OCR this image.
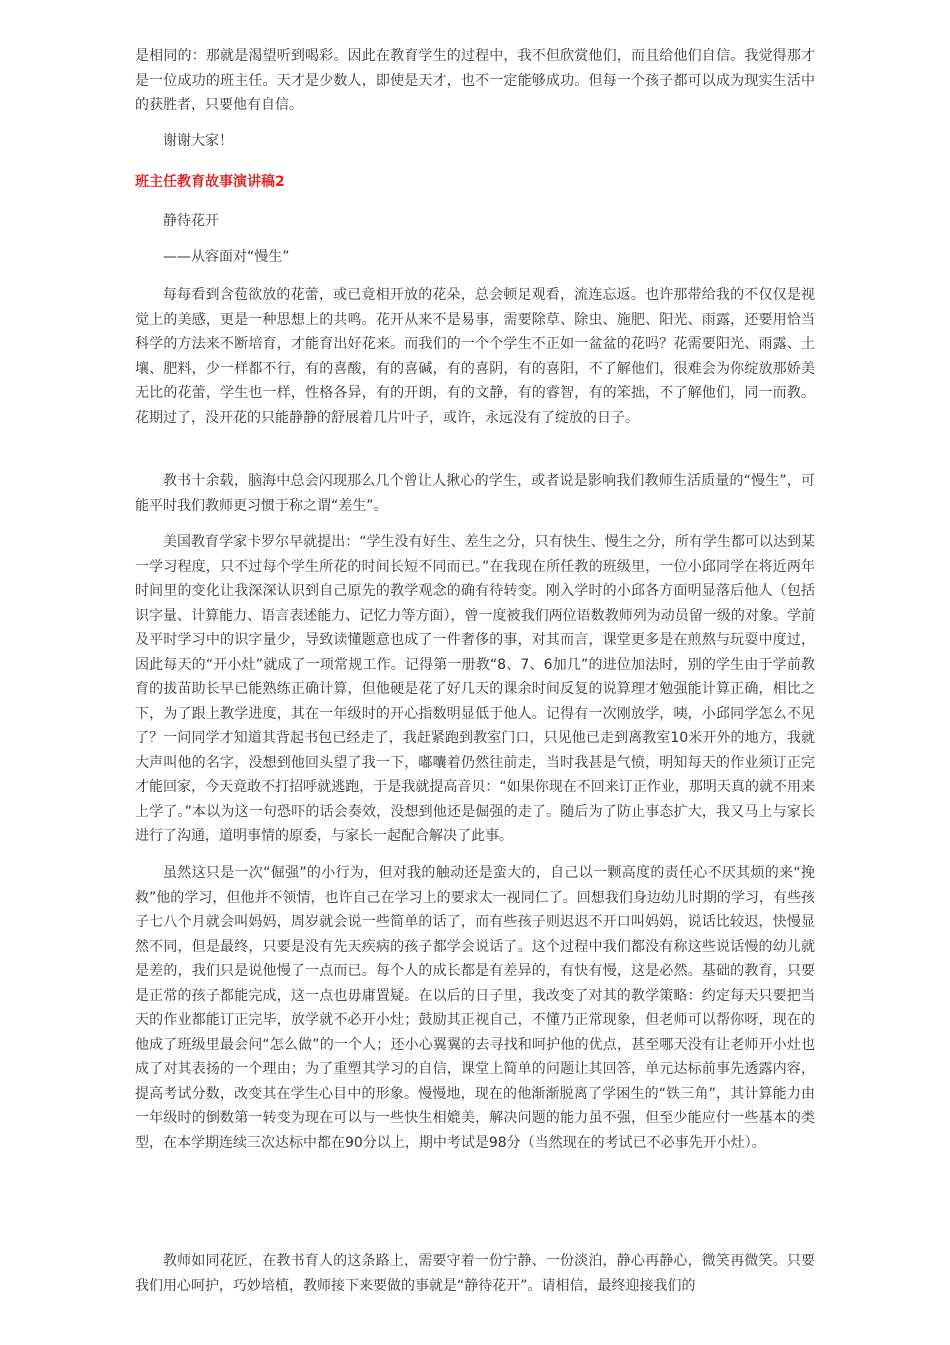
是相同的：那就是渴望听到喝彩。因此在教育学生的过程中，我不但欣赏他们，而且给他们自信。我觉得那才是一位成功的班主任。天才是少数人，即使是天才，也不一定能够成功。但每一个孩子都可以成为现实生活中的获胜者，只要他有自信。

谢谢大家！

班主任教育故事演讲稿2

静待花开

——从容面对“慢生”

每每看到含苞欲放的花蕾，或已竟相开放的花朵，总会顿足观看，流连忘返。也许那带给我的不仅仅是视觉上的美感，更是一种思想上的共鸣。花开从来不是易事，需要除草、除虫、施肥、阳光、雨露，还要用恰当科学的方法来不断培育，才能育出好花来。而我们的一个个学生不正如一盆盆的花吗？花需要阳光、雨露、土壤、肥料，少一样都不行，有的喜酸，有的喜碱，有的喜阴，有的喜阳，不了解他们，很难会为你绽放那娇美无比的花蕾，学生也一样，性格各异，有的开朗，有的文静，有的睿智，有的笨拙，不了解他们，同一而教。花期过了，没开花的只能静静的舒展着几片叶子，或许，永远没有了绽放的日子。

教书十余载，脑海中总会闪现那么几个曾让人揪心的学生，或者说是影响我们教师生活质量的“慢生”，可能平时我们教师更习惯于称之谓“差生”。

美国教育学家卡罗尔早就提出：“学生没有好生、差生之分，只有快生、慢生之分，所有学生都可以达到某一学习程度，只不过每个学生所花的时间长短不同而已。”在我现在所任教的班级里，一位小邱同学在将近两年时间里的变化让我深深认识到自己原先的教学观念的确有待转变。刚入学时的小邱各方面明显落后他人（包括识字量、计算能力、语言表述能力、记忆力等方面），曾一度被我们两位语数教师列为动员留一级的对象。学前及平时学习中的识字量少，导致读懂题意也成了一件奢侈的事，对其而言，课堂更多是在煎熬与玩耍中度过，因此每天的“开小灶”就成了一项常规工作。记得第一册教“8、7、6加几”的进位加法时，别的学生由于学前教育的拔苗助长早已能熟练正确计算，但他硬是花了好几天的课余时间反复的说算理才勉强能计算正确，相比之下，为了跟上教学进度，其在一年级时的开心指数明显低于他人。记得有一次刚放学，咦，小邱同学怎么不见了？一问同学才知道其背起书包已经走了，我赶紧跑到教室门口，只见他已走到离教室10米开外的地方，我就大声叫他的名字，没想到他回头望了我一下，嘟囔着仍然往前走，当时我甚是气愤，明知每天的作业须订正完才能回家，今天竟敢不打招呼就逃跑，于是我就提高音贝：“如果你现在不回来订正作业，那明天真的就不用来上学了。”本以为这一句恐吓的话会奏效，没想到他还是倔强的走了。随后为了防止事态扩大，我又马上与家长进行了沟通，道明事情的原委，与家长一起配合解决了此事。

虽然这只是一次“倔强”的小行为，但对我的触动还是蛮大的，自己以一颗高度的责任心不厌其烦的来“挽救”他的学习，但他并不领情，也许自己在学习上的要求太一视同仁了。回想我们身边幼儿时期的学习，有些孩子七八个月就会叫妈妈，周岁就会说一些简单的话了，而有些孩子则迟迟不开口叫妈妈，说话比较迟，快慢显然不同，但是最终，只要是没有先天疾病的孩子都学会说话了。这个过程中我们都没有称这些说话慢的幼儿就是差的，我们只是说他慢了一点而已。每个人的成长都是有差异的，有快有慢，这是必然。基础的教育，只要是正常的孩子都能完成，这一点也毋庸置疑。在以后的日子里，我改变了对其的教学策略：约定每天只要把当天的作业都能订正完毕，放学就不必开小灶；鼓励其正视自己，不懂乃正常现象，但老师可以帮你呀，现在的他成了班级里最会问“怎么做”的一个人；还小心翼翼的去寻找和呵护他的优点，甚至哪天没有让老师开小灶也成了对其表扬的一个理由；为了重塑其学习的自信，课堂上简单的问题让其回答，单元达标前事先透露内容，提高考试分数，改变其在学生心目中的形象。慢慢地，现在的他渐渐脱离了学困生的“铁三角”，其计算能力由一年级时的倒数第一转变为现在可以与一些快生相媲美，解决问题的能力虽不强，但至少能应付一些基本的类型，在本学期连续三次达标中都在90分以上，期中考试是98分（当然现在的考试已不必事先开小灶）。

教师如同花匠，在教书育人的这条路上，需要守着一份宁静、一份淡泊，静心再静心，微笑再微笑。只要我们用心呵护，巧妙培植，教师接下来要做的事就是“静待花开”。请相信，最终迎接我们的
